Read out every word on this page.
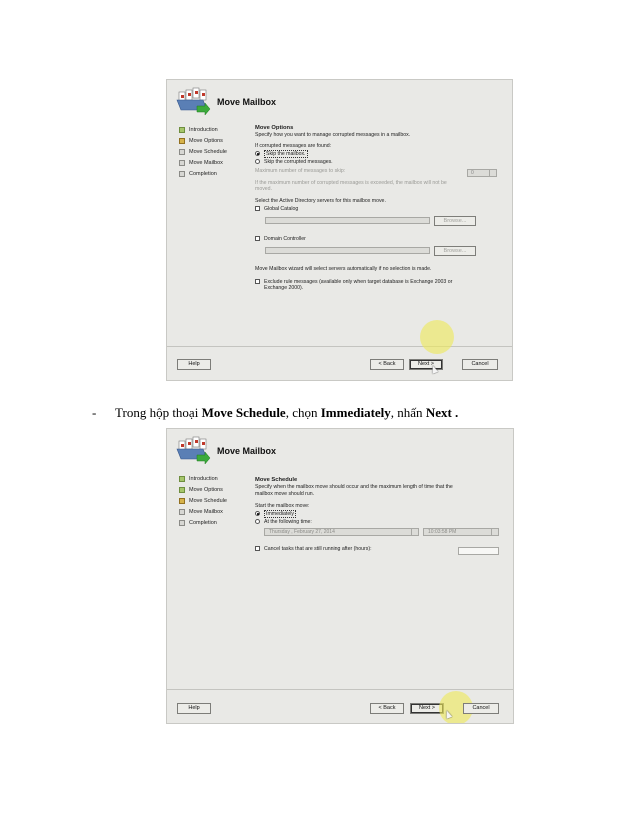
Move Mailbox
Introduction
Move Options
Move Schedule
Move Mailbox
Completion
Move Options
Specify how you want to manage corrupted messages in a mailbox.
If corrupted messages are found:
Skip the mailbox.
Skip the corrupted messages.
Maximum number of messages to skip:	0
If the maximum number of corrupted messages is exceeded, the mailbox will not be
moved.
Select the Active Directory servers for this mailbox move.
Global Catalog
Browse...
Domain Controller
Browse...
Move Mailbox wizard will select servers automatically if no selection is made.
Exclude rule messages (available only when target database is Exchange 2003 or
Exchange 2000).
Help	< Back	Next >	Cancel
- Trong hộp thoại Move Schedule, chọn Immediately, nhấn Next .
Move Mailbox
Introduction
Move Options
Move Schedule
Move Mailbox
Completion
Move Schedule
Specify when the mailbox move should occur and the maximum length of time that the
mailbox move should run.
Start the mailbox move:
Immediately
At the following time:
Thursday , February 27, 2014	10:03:58 PM
Cancel tasks that are still running after (hours):
Help	< Back	Next >	Cancel
